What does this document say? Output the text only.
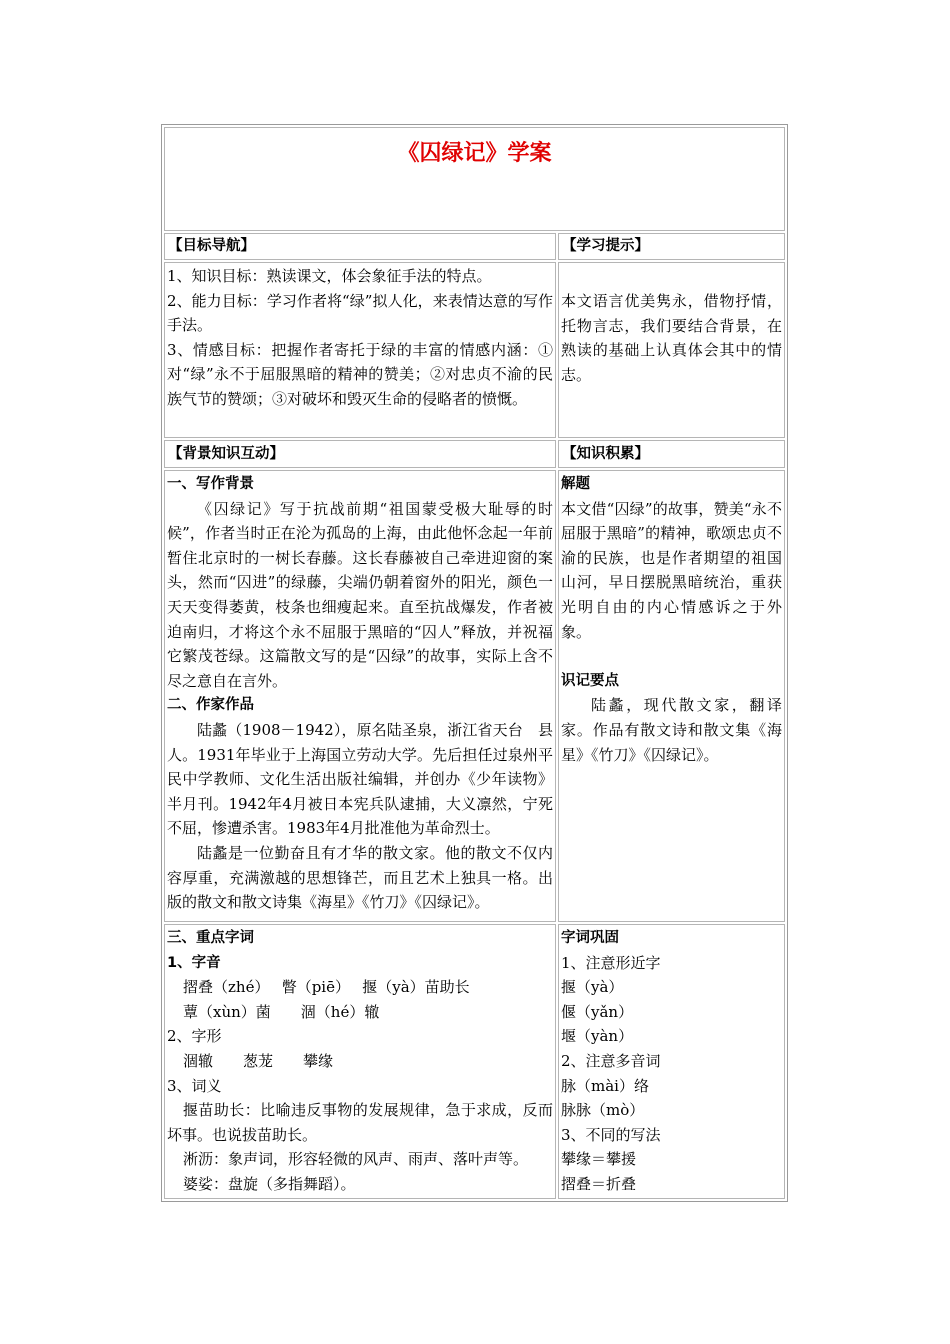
《囚绿记》学案
【目标导航】	【学习提示】

1、知识目标：熟读课文，体会象征手法的特点。

2、能力目标：学习作者将“绿”拟人化，来表情达意的写作手法。

3、情感目标：把握作者寄托于绿的丰富的情感内涵：①对“绿”永不于屈服黑暗的精神的赞美；②对忠贞不渝的民族气节的赞颂；③对破坏和毁灭生命的侵略者的愤慨。

本文语言优美隽永，借物抒情，托物言志，我们要结合背景，在熟读的基础上认真体会其中的情志。

【背景知识互动】	【知识积累】

一、写作背景

《囚绿记》写于抗战前期“祖国蒙受极大耻辱的时候”，作者当时正在沦为孤岛的上海，由此他怀念起一年前暂住北京时的一树长春藤。这长春藤被自己牵进迎窗的案头，然而“囚进”的绿藤，尖端仍朝着窗外的阳光，颜色一天天变得萎黄，枝条也细瘦起来。直至抗战爆发，作者被迫南归，才将这个永不屈服于黑暗的“囚人”释放，并祝福它繁茂苍绿。这篇散文写的是“囚绿”的故事，实际上含不尽之意自在言外。

二、作家作品

陆蠡（1908－1942），原名陆圣泉，浙江省天台　县人。1931年毕业于上海国立劳动大学。先后担任过泉州平民中学教师、文化生活出版社编辑，并创办《少年读物》半月刊。1942年4月被日本宪兵队逮捕，大义凛然，宁死不屈，惨遭杀害。1983年4月批准他为革命烈士。

陆蠡是一位勤奋且有才华的散文家。他的散文不仅内容厚重，充满激越的思想锋芒，而且艺术上独具一格。出版的散文和散文诗集《海星》《竹刀》《囚绿记》。

解题

本文借“囚绿”的故事，赞美“永不屈服于黑暗”的精神，歌颂忠贞不渝的民族，也是作者期望的祖国山河，早日摆脱黑暗统治，重获光明自由的内心情感诉之于外象。

识记要点

陆蠡，现代散文家，翻译家。作品有散文诗和散文集《海星》《竹刀》《囚绿记》。

三、重点字词

1、字音

摺叠（zhé）　 瞥（piē）　 揠（yà）苗助长

蕈（xùn）菌　　涸（hé）辙

2、字形

涸辙　　葱茏　　攀缘

3、词义

揠苗助长：比喻违反事物的发展规律，急于求成，反而坏事。也说拔苗助长。

淅沥：象声词，形容轻微的风声、雨声、落叶声等。

婆娑：盘旋（多指舞蹈）。

字词巩固

1、注意形近字

揠（yà）

偃（yǎn）

堰（yàn）

2、注意多音词

脉（mài）络

脉脉（mò）

3、不同的写法

攀缘＝攀援

摺叠＝折叠
